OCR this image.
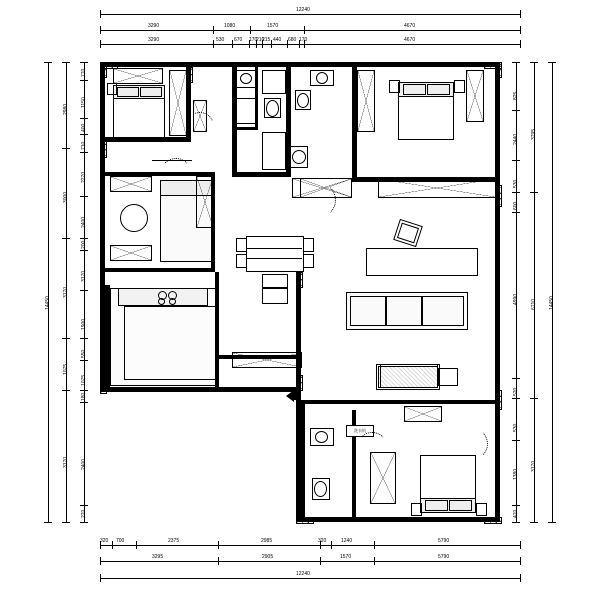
12240
3290	1080	1570	4670
3290	530 670 170
210
215 440 680 170	4670
14450
2980
3000
3170
1075
3170
770
1150
400
710
2270
2400
200
3170
1900
550
1075
180
2400
270
825
2440
530
600
4990
520
530
1380
470
3795
6710
3170
14450
320 700	2375	2985	320	1240	5790
3295	2905	1570	5790
12240
洗衣机
